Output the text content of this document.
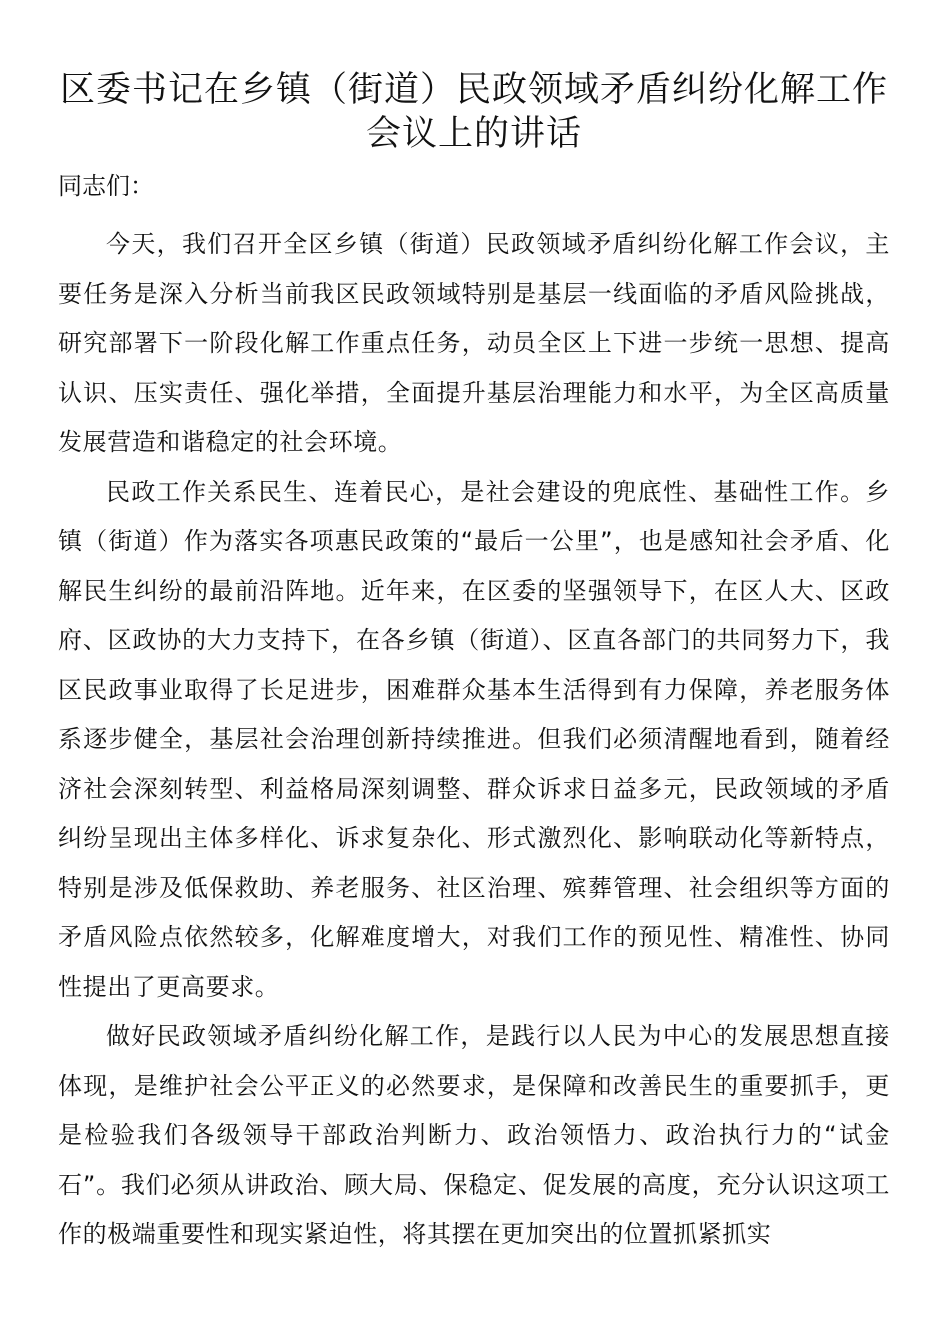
区委书记在乡镇（街道）民政领域矛盾纠纷化解工作
会议上的讲话

同志们：

今天，我们召开全区乡镇（街道）民政领域矛盾纠纷化解工作会议，主要任务是深入分析当前我区民政领域特别是基层一线面临的矛盾风险挑战，研究部署下一阶段化解工作重点任务，动员全区上下进一步统一思想、提高认识、压实责任、强化举措，全面提升基层治理能力和水平，为全区高质量发展营造和谐稳定的社会环境。

民政工作关系民生、连着民心，是社会建设的兜底性、基础性工作。乡镇（街道）作为落实各项惠民政策的“最后一公里”，也是感知社会矛盾、化解民生纠纷的最前沿阵地。近年来，在区委的坚强领导下，在区人大、区政府、区政协的大力支持下，在各乡镇（街道）、区直各部门的共同努力下，我区民政事业取得了长足进步，困难群众基本生活得到有力保障，养老服务体系逐步健全，基层社会治理创新持续推进。但我们必须清醒地看到，随着经济社会深刻转型、利益格局深刻调整、群众诉求日益多元，民政领域的矛盾纠纷呈现出主体多样化、诉求复杂化、形式激烈化、影响联动化等新特点，特别是涉及低保救助、养老服务、社区治理、殡葬管理、社会组织等方面的矛盾风险点依然较多，化解难度增大，对我们工作的预见性、精准性、协同性提出了更高要求。

做好民政领域矛盾纠纷化解工作，是践行以人民为中心的发展思想直接体现，是维护社会公平正义的必然要求，是保障和改善民生的重要抓手，更是检验我们各级领导干部政治判断力、政治领悟力、政治执行力的“试金石”。我们必须从讲政治、顾大局、保稳定、促发展的高度，充分认识这项工作的极端重要性和现实紧迫性，将其摆在更加突出的位置抓紧抓实
